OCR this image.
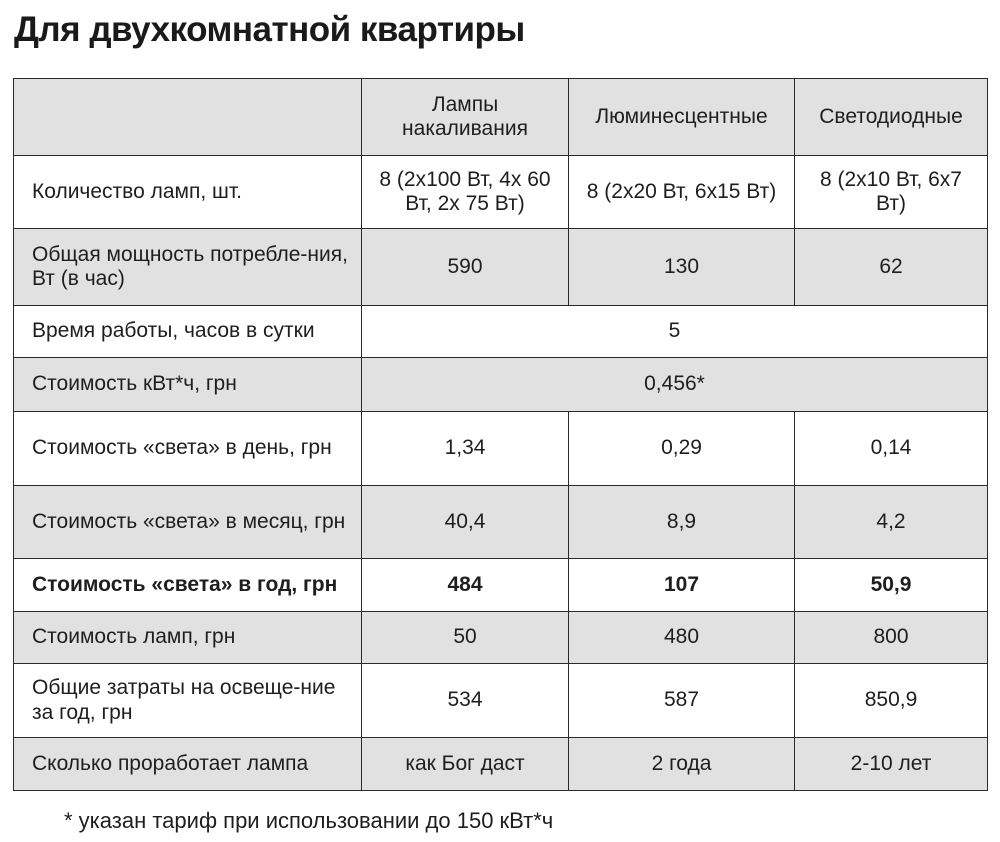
Для двухкомнатной квартиры
	Лампы накаливания	Люминесцентные	Светодиодные
Количество ламп, шт.	8 (2x100 Вт, 4x 60 Вт, 2x 75 Вт)	8 (2x20 Вт, 6x15 Вт)	8 (2x10 Вт, 6x7 Вт)
Общая мощность потребле-ния, Вт (в час)	590	130	62
Время работы, часов в сутки	5		
Стоимость кВт*ч, грн	0,456*		
Стоимость «света» в день, грн	1,34	0,29	0,14
Стоимость «света» в месяц, грн	40,4	8,9	4,2
Стоимость «света» в год, грн	484	107	50,9
Стоимость ламп, грн	50	480	800
Общие затраты на освеще-ние за год, грн	534	587	850,9
Сколько проработает лампа	как Бог даст	2 года	2-10 лет
* указан тариф при использовании до 150 кВт*ч
